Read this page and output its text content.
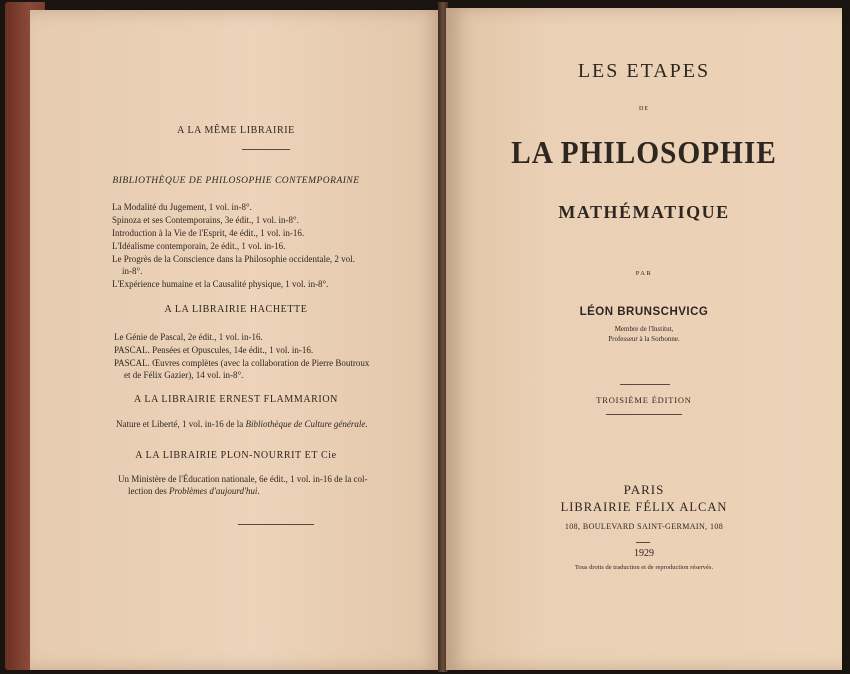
A LA MÊME LIBRAIRIE
BIBLIOTHÈQUE DE PHILOSOPHIE CONTEMPORAINE
La Modalité du Jugement, 1 vol. in-8°.
Spinoza et ses Contemporains, 3e édit., 1 vol. in-8°.
Introduction à la Vie de l'Esprit, 4e édit., 1 vol. in-16.
L'Idéalisme contemporain, 2e édit., 1 vol. in-16.
Le Progrès de la Conscience dans la Philosophie occidentale, 2 vol.
in-8°.
L'Expérience humaine et la Causalité physique, 1 vol. in-8°.
A LA LIBRAIRIE HACHETTE
Le Génie de Pascal, 2e édit., 1 vol. in-16.
PASCAL. Pensées et Opuscules, 14e édit., 1 vol. in-16.
PASCAL. Œuvres complètes (avec la collaboration de Pierre Boutroux
et de Félix Gazier), 14 vol. in-8°.
A LA LIBRAIRIE ERNEST FLAMMARION
Nature et Liberté, 1 vol. in-16 de la Bibliothèque de Culture générale.
A LA LIBRAIRIE PLON-NOURRIT ET Cie
Un Ministère de l'Éducation nationale, 6e édit., 1 vol. in-16 de la col-
lection des Problèmes d'aujourd'hui.
LES ETAPES
DE
LA PHILOSOPHIE
MATHÉMATIQUE
PAR
LÉON BRUNSCHVICG
Membre de l'Institut,
Professeur à la Sorbonne.
TROISIÈME ÉDITION
PARIS
LIBRAIRIE FÉLIX ALCAN
108, BOULEVARD SAINT-GERMAIN, 108
1929
Tous droits de traduction et de reproduction réservés.
